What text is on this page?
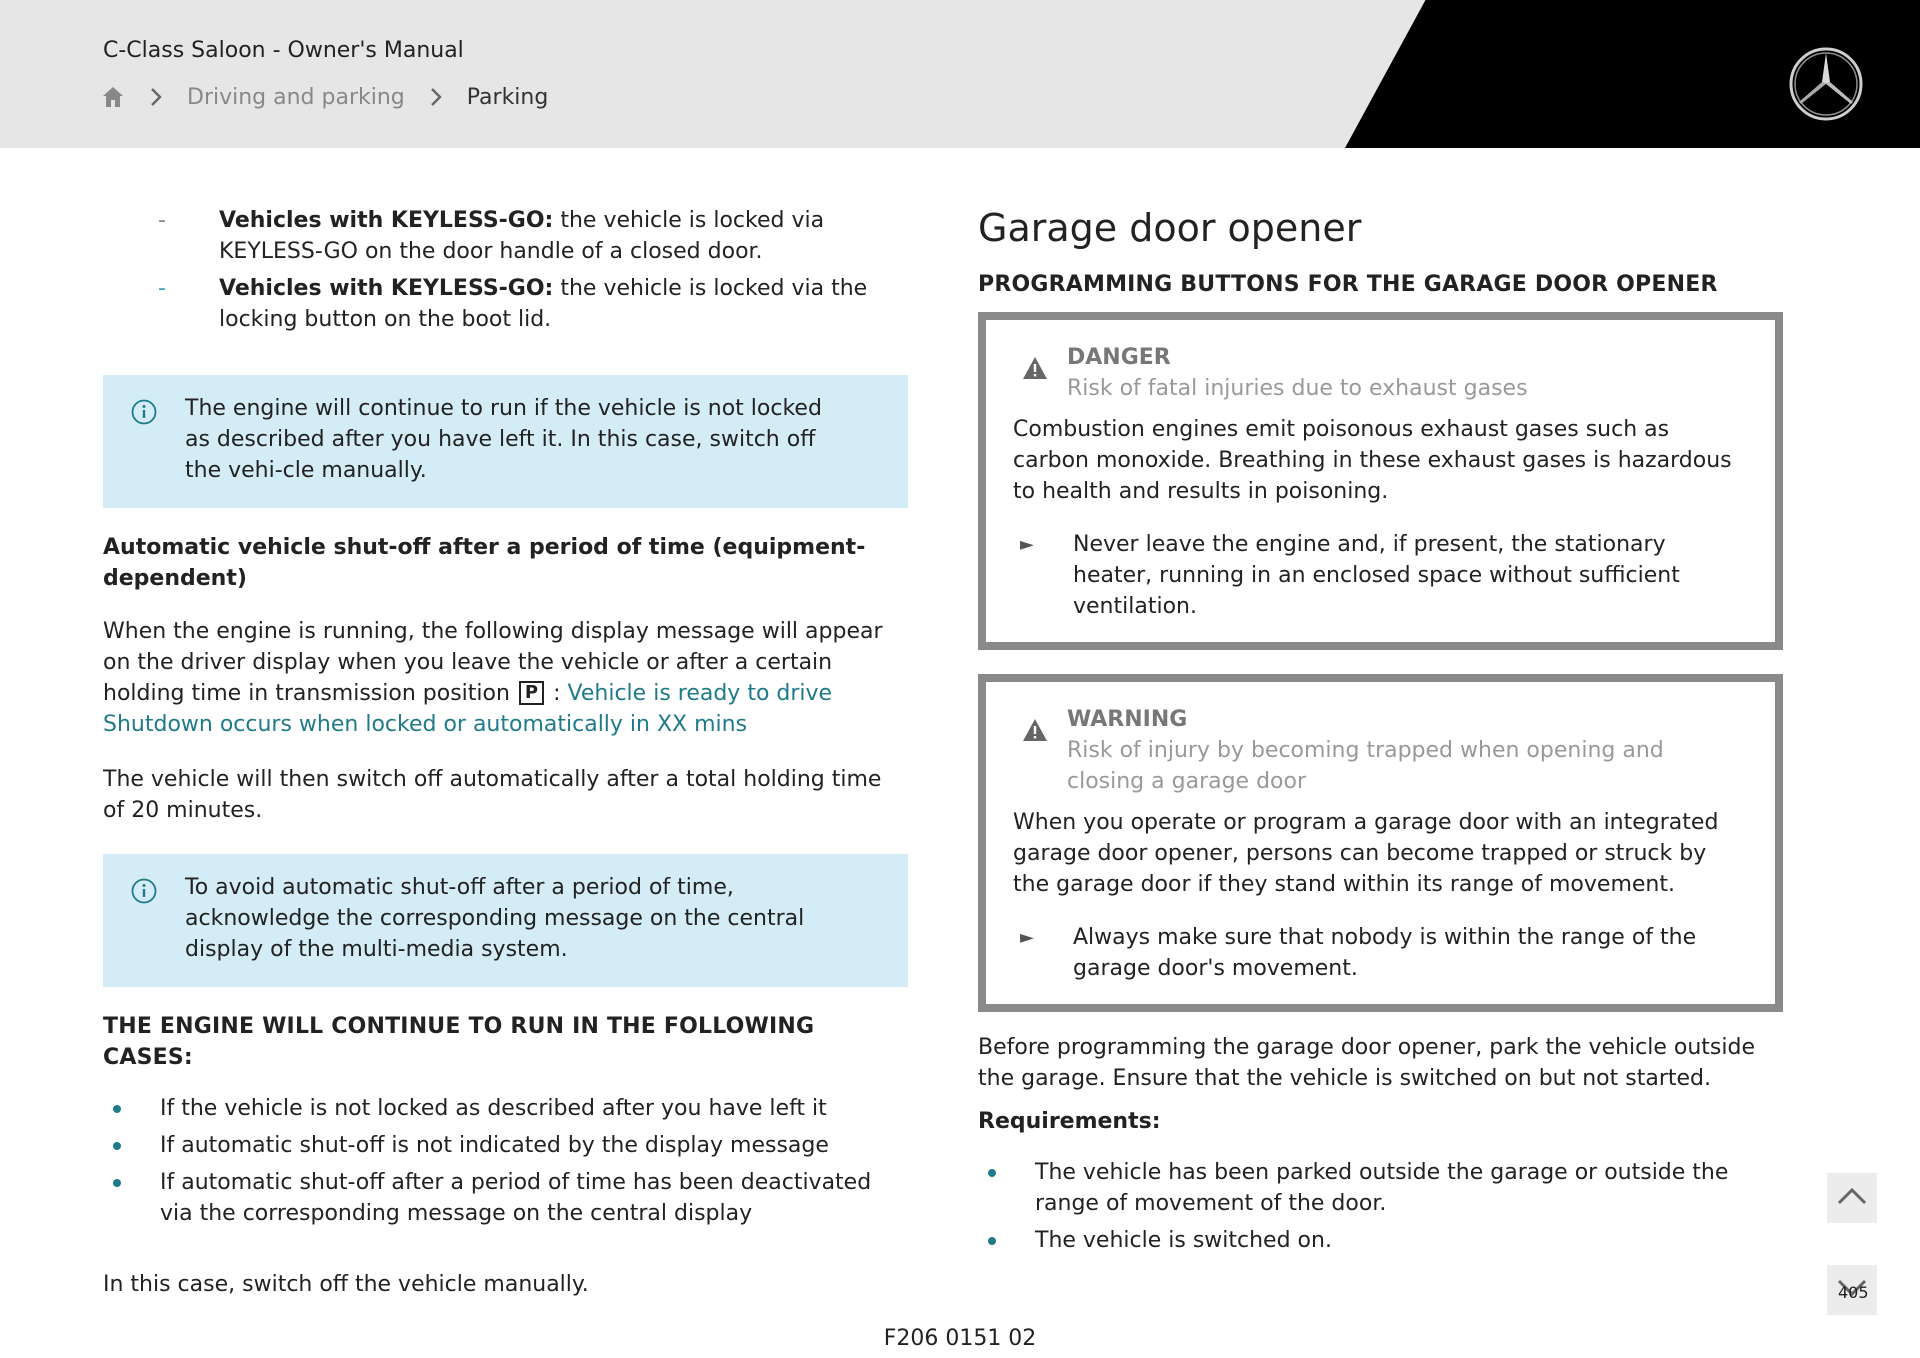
C-Class Saloon - Owner's Manual
Driving and parking	Parking
- Vehicles with KEYLESS-GO: the vehicle is locked via KEYLESS-GO on the door handle of a closed door.
- Vehicles with KEYLESS-GO: the vehicle is locked via the locking button on the boot lid.

The engine will continue to run if the vehicle is not locked as described after you have left it. In this case, switch off the vehi-cle manually.

Automatic vehicle shut-off after a period of time (equipment-dependent)

When the engine is running, the following display message will appear on the driver display when you leave the vehicle or after a certain holding time in transmission position P : Vehicle is ready to drive Shutdown occurs when locked or automatically in XX mins

The vehicle will then switch off automatically after a total holding time of 20 minutes.

To avoid automatic shut-off after a period of time, acknowledge the corresponding message on the central display of the multi-media system.

THE ENGINE WILL CONTINUE TO RUN IN THE FOLLOWING CASES:

If the vehicle is not locked as described after you have left it
If automatic shut-off is not indicated by the display message
If automatic shut-off after a period of time has been deactivated via the corresponding message on the central display

In this case, switch off the vehicle manually.

Garage door opener

PROGRAMMING BUTTONS FOR THE GARAGE DOOR OPENER

DANGER
Risk of fatal injuries due to exhaust gases

Combustion engines emit poisonous exhaust gases such as carbon monoxide. Breathing in these exhaust gases is hazardous to health and results in poisoning.

► Never leave the engine and, if present, the stationary heater, running in an enclosed space without sufficient ventilation.
WARNING
Risk of injury by becoming trapped when opening and closing a garage door

When you operate or program a garage door with an integrated garage door opener, persons can become trapped or struck by the garage door if they stand within its range of movement.

► Always make sure that nobody is within the range of the garage door's movement.

Before programming the garage door opener, park the vehicle outside the garage. Ensure that the vehicle is switched on but not started.

Requirements:

The vehicle has been parked outside the garage or outside the range of movement of the door.
The vehicle is switched on.
405
F206 0151 02
